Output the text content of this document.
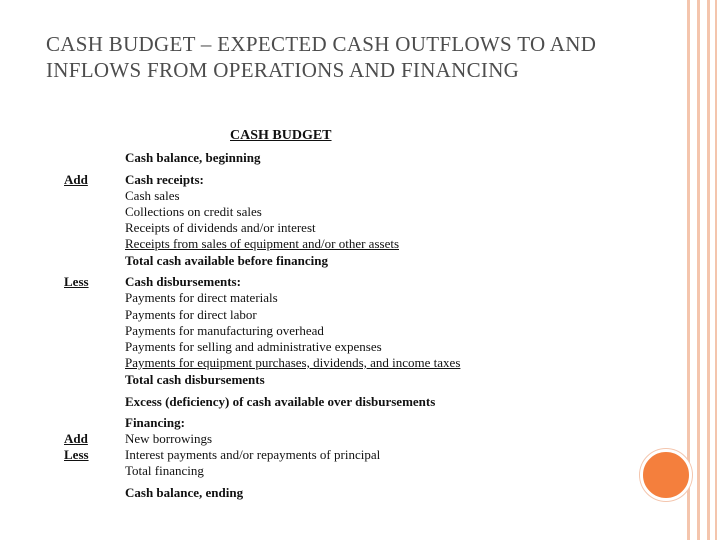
CASH BUDGET – EXPECTED CASH OUTFLOWS TO AND INFLOWS FROM OPERATIONS AND FINANCING
CASH BUDGET
Add
Less
Add
Less
Cash balance, beginning
Cash receipts:
Cash sales
Collections on credit sales
Receipts of dividends and/or interest
Receipts from sales of equipment and/or other assets
Total cash available before financing
Cash disbursements:
Payments for direct materials
Payments for direct labor
Payments for manufacturing overhead
Payments for selling and administrative expenses
Payments for equipment purchases, dividends, and income taxes
Total cash disbursements
Excess (deficiency) of cash available over disbursements
Financing:
New borrowings
Interest payments and/or repayments of principal
Total financing
Cash balance, ending
